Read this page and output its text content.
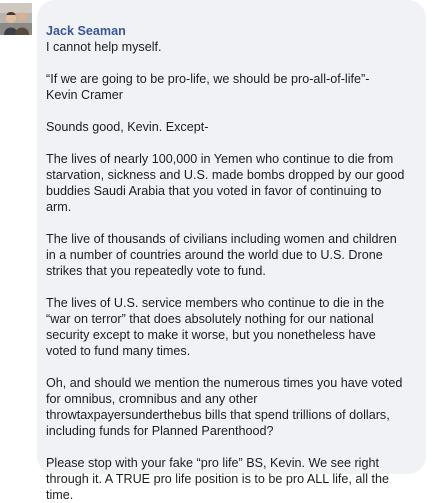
Jack Seaman
I cannot help myself.

“If we are going to be pro-life, we should be pro-all-of-life”-
Kevin Cramer
Sounds good, Kevin. Except-
The lives of nearly 100,000 in Yemen who continue to die from
starvation, sickness and U.S. made bombs dropped by our good
buddies Saudi Arabia that you voted in favor of continuing to
arm.
The live of thousands of civilians including women and children
in a number of countries around the world due to U.S. Drone
strikes that you repeatedly vote to fund.
The lives of U.S. service members who continue to die in the
“war on terror” that does absolutely nothing for our national
security except to make it worse, but you nonetheless have
voted to fund many times.
Oh, and should we mention the numerous times you have voted
for omnibus, cromnibus and any other
throwtaxpayersunderthebus bills that spend trillions of dollars,
including funds for Planned Parenthood?
Please stop with your fake “pro life” BS, Kevin. We see right
through it. A TRUE pro life position is to be pro ALL life, all the
time.
